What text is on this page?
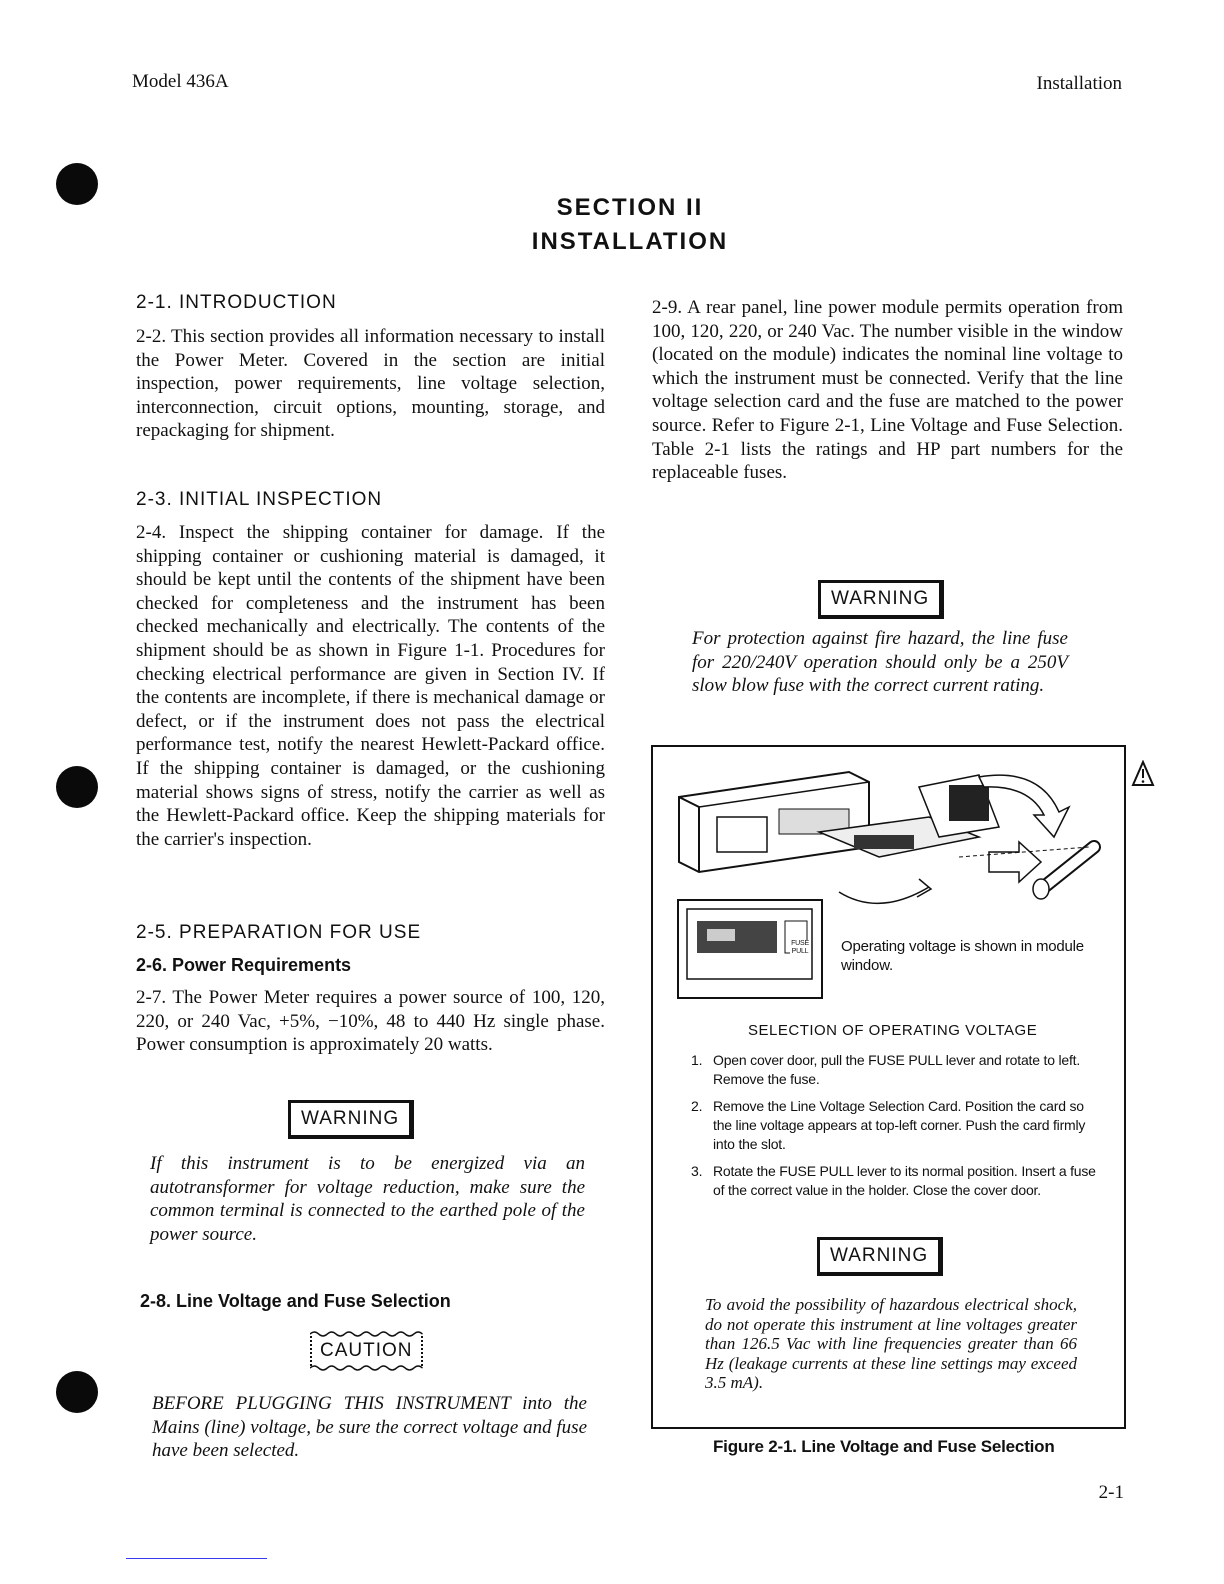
Model 436A	Installation
SECTION II
INSTALLATION
2-1. INTRODUCTION

2-2. This section provides all information necessary to install the Power Meter. Covered in the section are initial inspection, power requirements, line voltage selection, interconnection, circuit options, mounting, storage, and repackaging for shipment.

2-3. INITIAL INSPECTION

2-4. Inspect the shipping container for damage. If the shipping container or cushioning material is damaged, it should be kept until the contents of the shipment have been checked for completeness and the instrument has been checked mechanically and electrically. The contents of the shipment should be as shown in Figure 1-1. Procedures for checking electrical performance are given in Section IV. If the contents are incomplete, if there is mechanical damage or defect, or if the instrument does not pass the electrical performance test, notify the nearest Hewlett-Packard office. If the shipping container is damaged, or the cushioning material shows signs of stress, notify the carrier as well as the Hewlett-Packard office. Keep the shipping materials for the carrier's inspection.

2-5. PREPARATION FOR USE
2-6. Power Requirements

2-7. The Power Meter requires a power source of 100, 120, 220, or 240 Vac, +5%, −10%, 48 to 440 Hz single phase. Power consumption is approximately 20 watts.

WARNING

If this instrument is to be energized via an autotransformer for voltage reduction, make sure the common terminal is connected to the earthed pole of the power source.

2-8. Line Voltage and Fuse Selection
CAUTION

BEFORE PLUGGING THIS INSTRUMENT into the Mains (line) voltage, be sure the correct voltage and fuse have been selected.

2-9. A rear panel, line power module permits operation from 100, 120, 220, or 240 Vac. The number visible in the window (located on the module) indicates the nominal line voltage to which the instrument must be connected. Verify that the line voltage selection card and the fuse are matched to the power source. Refer to Figure 2-1, Line Voltage and Fuse Selection. Table 2-1 lists the ratings and HP part numbers for the replaceable fuses.

WARNING

For protection against fire hazard, the line fuse for 220/240V operation should only be a 250V slow blow fuse with the correct current rating.

Operating voltage is shown in module window.
SELECTION OF OPERATING VOLTAGE
1. Open cover door, pull the FUSE PULL lever and rotate to left. Remove the fuse.
2. Remove the Line Voltage Selection Card. Position the card so the line voltage appears at top-left corner. Push the card firmly into the slot.
3. Rotate the FUSE PULL lever to its normal position. Insert a fuse of the correct value in the holder. Close the cover door.
WARNING

To avoid the possibility of hazardous electrical shock, do not operate this instrument at line voltages greater than 126.5 Vac with line frequencies greater than 66 Hz (leakage currents at these line settings may exceed 3.5 mA).

FUSE PULL
Figure 2-1. Line Voltage and Fuse Selection
2-1
